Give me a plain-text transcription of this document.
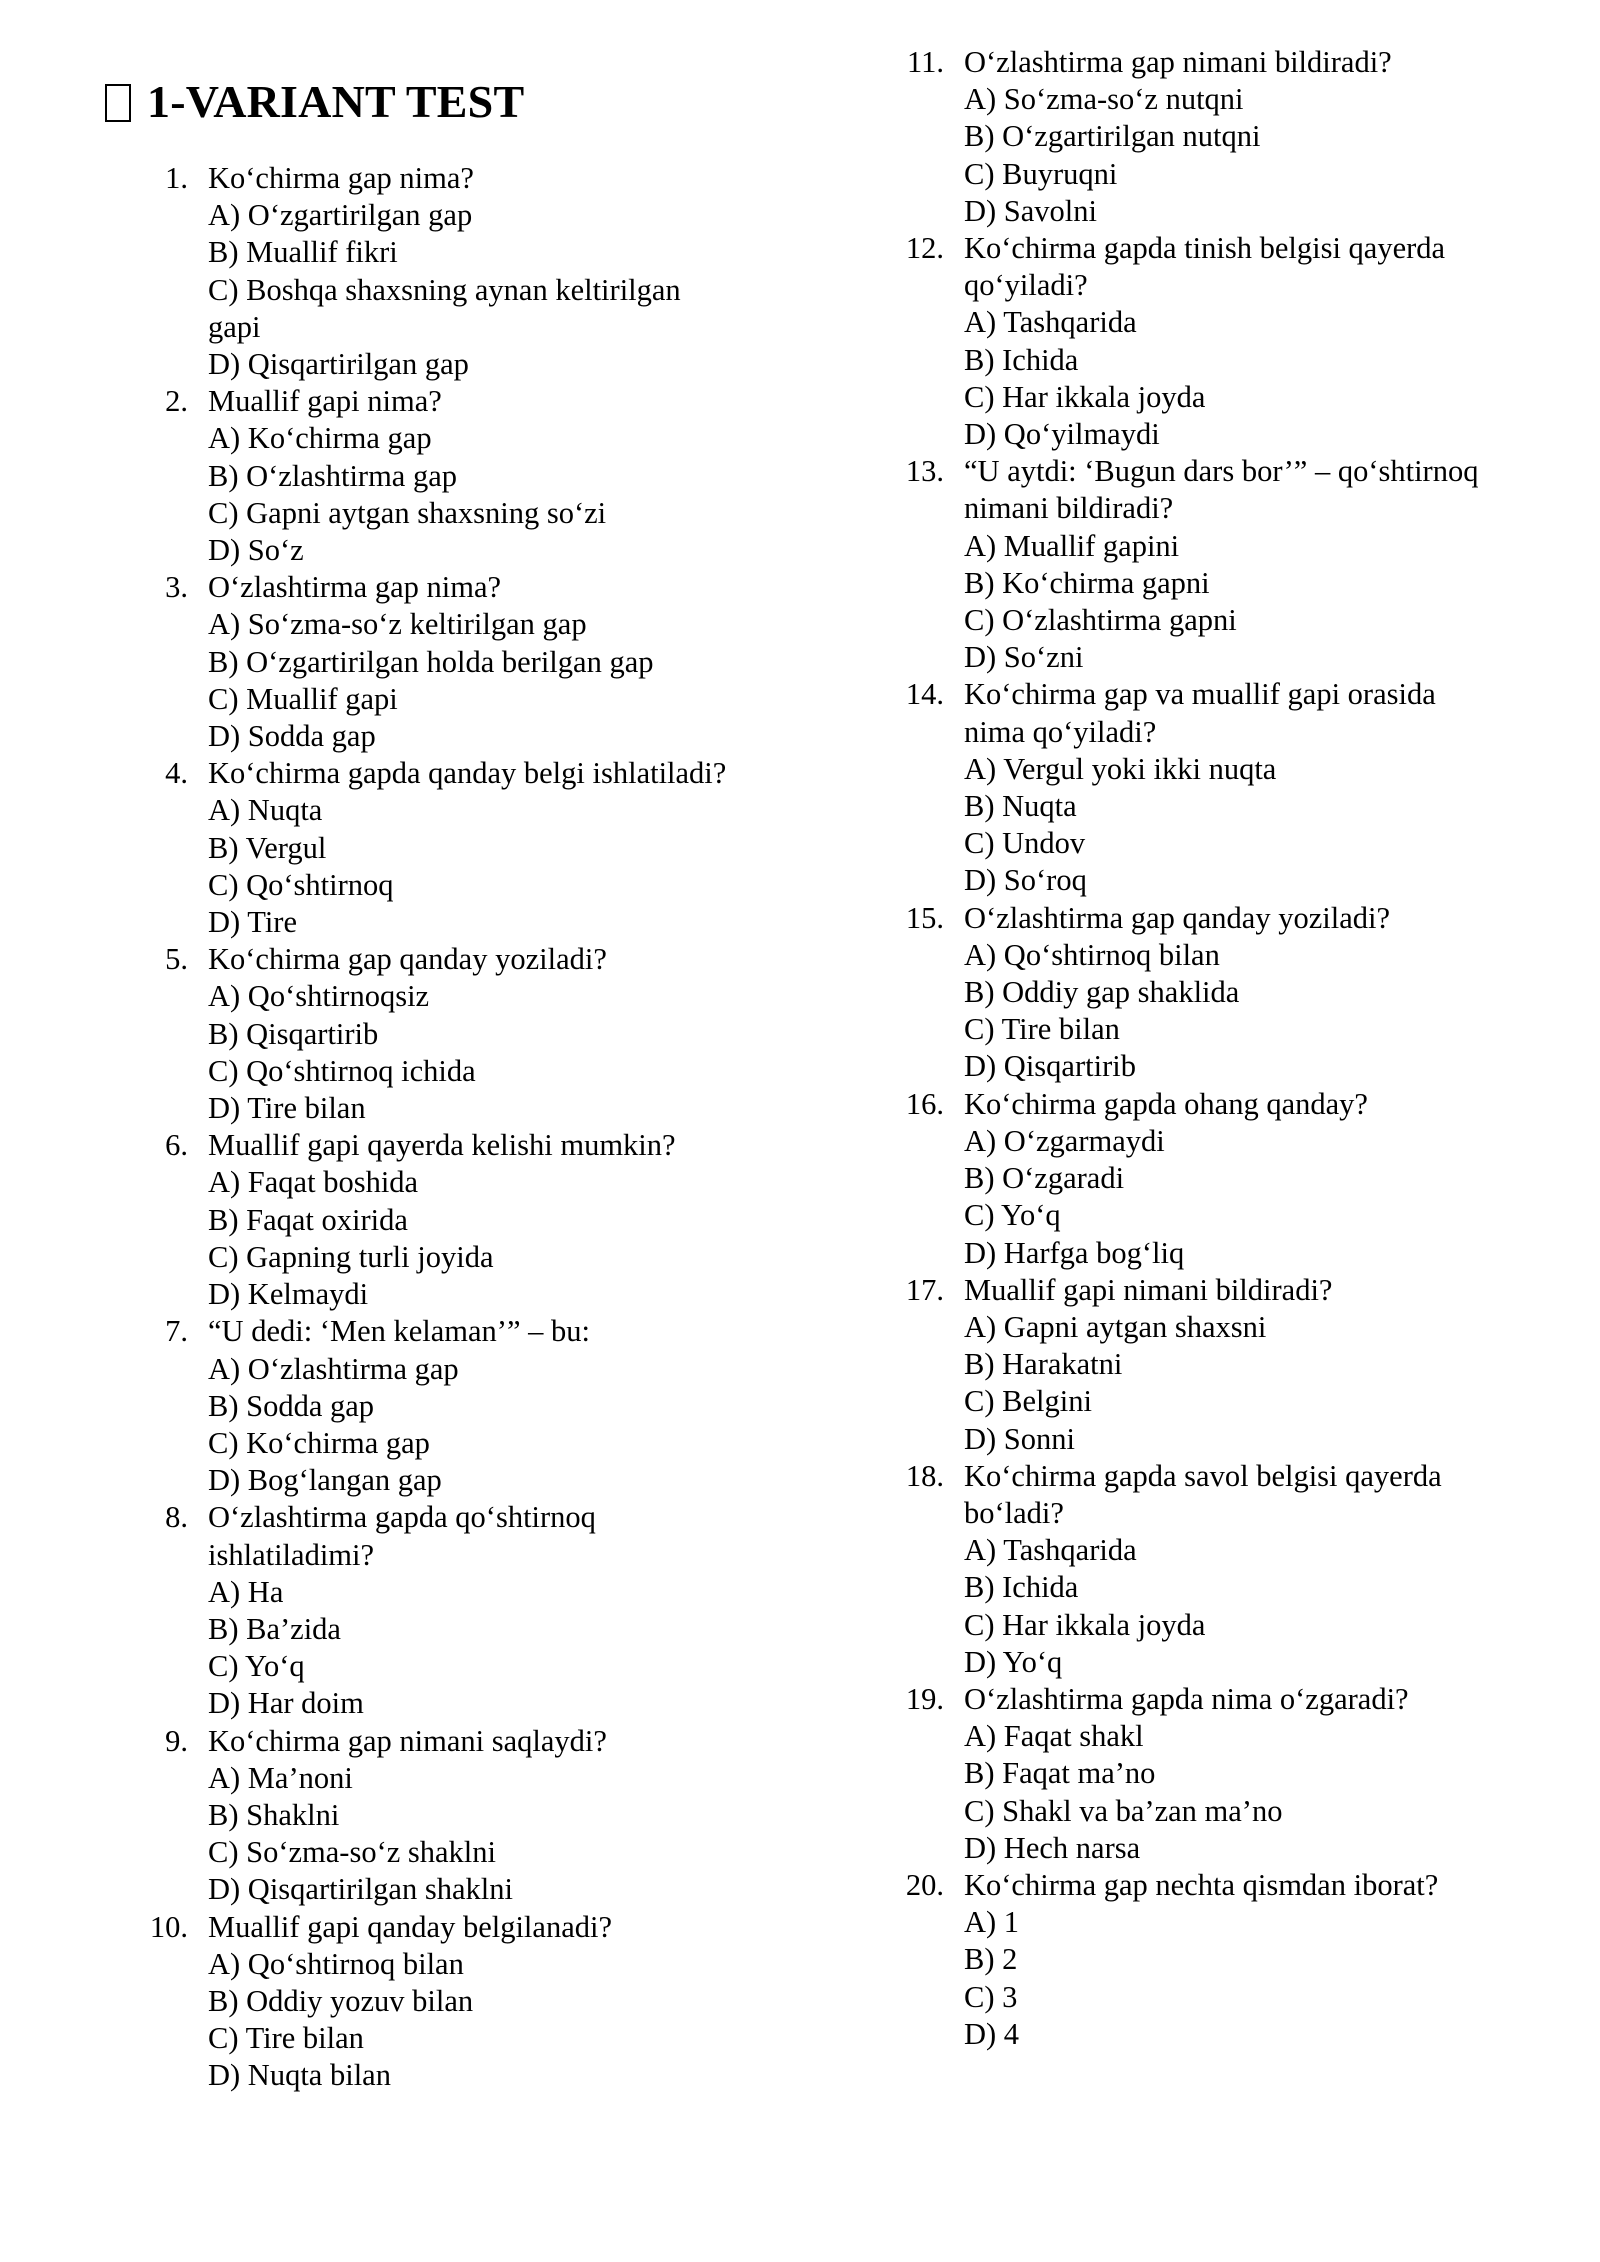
1-VARIANT TEST
1. Ko‘chirma gap nima?
A) O‘zgartirilgan gap
B) Muallif fikri
C) Boshqa shaxsning aynan keltirilgan
gapi
D) Qisqartirilgan gap
2. Muallif gapi nima?
A) Ko‘chirma gap
B) O‘zlashtirma gap
C) Gapni aytgan shaxsning so‘zi
D) So‘z
3. O‘zlashtirma gap nima?
A) So‘zma-so‘z keltirilgan gap
B) O‘zgartirilgan holda berilgan gap
C) Muallif gapi
D) Sodda gap
4. Ko‘chirma gapda qanday belgi ishlatiladi?
A) Nuqta
B) Vergul
C) Qo‘shtirnoq
D) Tire
5. Ko‘chirma gap qanday yoziladi?
A) Qo‘shtirnoqsiz
B) Qisqartirib
C) Qo‘shtirnoq ichida
D) Tire bilan
6. Muallif gapi qayerda kelishi mumkin?
A) Faqat boshida
B) Faqat oxirida
C) Gapning turli joyida
D) Kelmaydi
7. “U dedi: ‘Men kelaman’” – bu:
A) O‘zlashtirma gap
B) Sodda gap
C) Ko‘chirma gap
D) Bog‘langan gap
8. O‘zlashtirma gapda qo‘shtirnoq
ishlatiladimi?
A) Ha
B) Ba’zida
C) Yo‘q
D) Har doim
9. Ko‘chirma gap nimani saqlaydi?
A) Ma’noni
B) Shaklni
C) So‘zma-so‘z shaklni
D) Qisqartirilgan shaklni
10. Muallif gapi qanday belgilanadi?
A) Qo‘shtirnoq bilan
B) Oddiy yozuv bilan
C) Tire bilan
D) Nuqta bilan
11. O‘zlashtirma gap nimani bildiradi?
A) So‘zma-so‘z nutqni
B) O‘zgartirilgan nutqni
C) Buyruqni
D) Savolni
12. Ko‘chirma gapda tinish belgisi qayerda
qo‘yiladi?
A) Tashqarida
B) Ichida
C) Har ikkala joyda
D) Qo‘yilmaydi
13. “U aytdi: ‘Bugun dars bor’” – qo‘shtirnoq
nimani bildiradi?
A) Muallif gapini
B) Ko‘chirma gapni
C) O‘zlashtirma gapni
D) So‘zni
14. Ko‘chirma gap va muallif gapi orasida
nima qo‘yiladi?
A) Vergul yoki ikki nuqta
B) Nuqta
C) Undov
D) So‘roq
15. O‘zlashtirma gap qanday yoziladi?
A) Qo‘shtirnoq bilan
B) Oddiy gap shaklida
C) Tire bilan
D) Qisqartirib
16. Ko‘chirma gapda ohang qanday?
A) O‘zgarmaydi
B) O‘zgaradi
C) Yo‘q
D) Harfga bog‘liq
17. Muallif gapi nimani bildiradi?
A) Gapni aytgan shaxsni
B) Harakatni
C) Belgini
D) Sonni
18. Ko‘chirma gapda savol belgisi qayerda
bo‘ladi?
A) Tashqarida
B) Ichida
C) Har ikkala joyda
D) Yo‘q
19. O‘zlashtirma gapda nima o‘zgaradi?
A) Faqat shakl
B) Faqat ma’no
C) Shakl va ba’zan ma’no
D) Hech narsa
20. Ko‘chirma gap nechta qismdan iborat?
A) 1
B) 2
C) 3
D) 4
